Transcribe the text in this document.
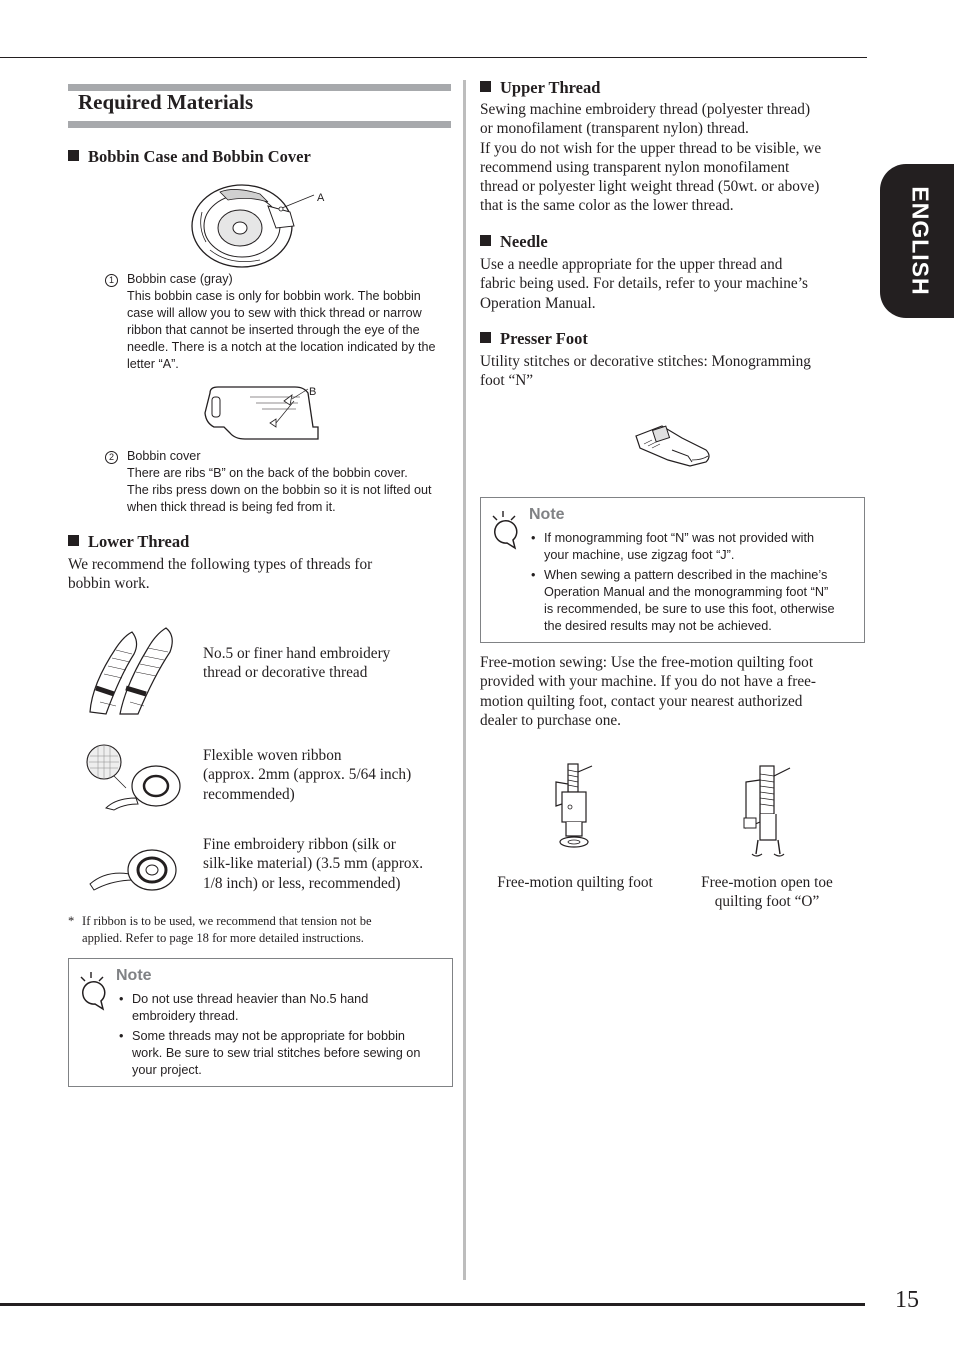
15
ENGLISH
Required Materials
Bobbin Case and Bobbin Cover
A
1	Bobbin case (gray)
This bobbin case is only for bobbin work. The bobbin
case will allow you to sew with thick thread or narrow
ribbon that cannot be inserted through the eye of the
needle. There is a notch at the location indicated by the
letter “A”.
B
2	Bobbin cover
There are ribs “B” on the back of the bobbin cover.
The ribs press down on the bobbin so it is not lifted out
when thick thread is being fed from it.
Lower Thread
We recommend the following types of threads for
bobbin work.
No.5 or finer hand embroidery
thread or decorative thread
Flexible woven ribbon
(approx. 2mm (approx. 5/64 inch)
recommended)
Fine embroidery ribbon (silk or
silk-like material) (3.5 mm (approx.
1/8 inch) or less, recommended)
* If ribbon is to be used, we recommend that tension not be
applied. Refer to page 18 for more detailed instructions.
Note
• Do not use thread heavier than No.5 hand
embroidery thread.
• Some threads may not be appropriate for bobbin
work. Be sure to sew trial stitches before sewing on
your project.
Upper Thread
Sewing machine embroidery thread (polyester thread)
or monofilament (transparent nylon) thread.
If you do not wish for the upper thread to be visible, we
recommend using transparent nylon monofilament
thread or polyester light weight thread (50wt. or above)
that is the same color as the lower thread.
Needle
Use a needle appropriate for the upper thread and
fabric being used. For details, refer to your machine’s
Operation Manual.
Presser Foot
Utility stitches or decorative stitches: Monogramming
foot “N”
Note
• If monogramming foot “N” was not provided with
your machine, use zigzag foot “J”.
• When sewing a pattern described in the machine’s
Operation Manual and the monogramming foot “N”
is recommended, be sure to use this foot, otherwise
the desired results may not be achieved.
Free-motion sewing: Use the free-motion quilting foot
provided with your machine. If you do not have a free-
motion quilting foot, contact your nearest authorized
dealer to purchase one.
Free-motion quilting foot	Free-motion open toe
quilting foot “O”
